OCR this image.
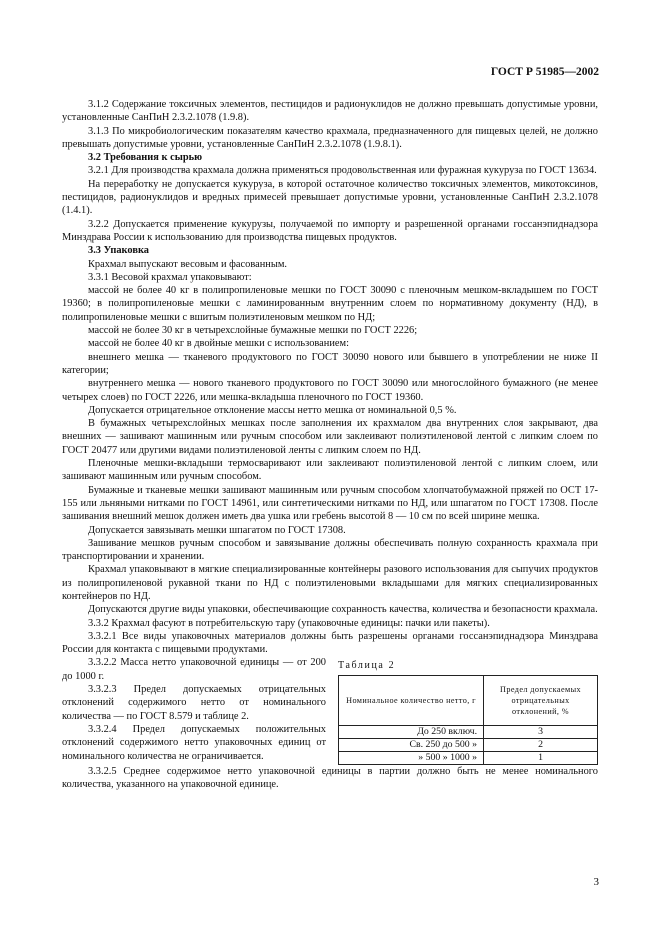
ГОСТ Р 51985—2002

3.1.2 Содержание токсичных элементов, пестицидов и радионуклидов не должно превышать допустимые уровни, установленные СанПиН 2.3.2.1078 (1.9.8).

3.1.3 По микробиологическим показателям качество крахмала, предназначенного для пищевых целей, не должно превышать допустимые уровни, установленные СанПиН 2.3.2.1078 (1.9.8.1).

3.2 Требования к сырью

3.2.1 Для производства крахмала должна применяться продовольственная или фуражная кукуруза по ГОСТ 13634.

На переработку не допускается кукуруза, в которой остаточное количество токсичных элементов, микотоксинов, пестицидов, радионуклидов и вредных примесей превышает допустимые уровни, установленные СанПиН 2.3.2.1078 (1.4.1).

3.2.2 Допускается применение кукурузы, получаемой по импорту и разрешенной органами госсанэпиднадзора Минздрава России к использованию для производства пищевых продуктов.

3.3 Упаковка

Крахмал выпускают весовым и фасованным.

3.3.1 Весовой крахмал упаковывают:

массой не более 40 кг в полипропиленовые мешки по ГОСТ 30090 с пленочным мешком-вкладышем по ГОСТ 19360; в полипропиленовые мешки с ламинированным внутренним слоем по нормативному документу (НД), в полипропиленовые мешки с вшитым полиэтиленовым мешком по НД;

массой не более 30 кг в четырехслойные бумажные мешки по ГОСТ 2226;

массой не более 40 кг в двойные мешки с использованием:

внешнего мешка — тканевого продуктового по ГОСТ 30090 нового или бывшего в употреблении не ниже II категории;

внутреннего мешка — нового тканевого продуктового по ГОСТ 30090 или многослойного бумажного (не менее четырех слоев) по ГОСТ 2226, или мешка-вкладыша пленочного по ГОСТ 19360.

Допускается отрицательное отклонение массы нетто мешка от номинальной 0,5 %.

В бумажных четырехслойных мешках после заполнения их крахмалом два внутренних слоя закрывают, два внешних — зашивают машинным или ручным способом или заклеивают полиэтиленовой лентой с липким слоем по ГОСТ 20477 или другими видами полиэтиленовой ленты с липким слоем по НД.

Пленочные мешки-вкладыши термосваривают или заклеивают полиэтиленовой лентой с липким слоем, или зашивают машинным или ручным способом.

Бумажные и тканевые мешки зашивают машинным или ручным способом хлопчатобумажной пряжей по ОСТ 17-155 или льняными нитками по ГОСТ 14961, или синтетическими нитками по НД, или шпагатом по ГОСТ 17308. После зашивания внешний мешок должен иметь два ушка или гребень высотой 8 — 10 см по всей ширине мешка.

Допускается завязывать мешки шпагатом по ГОСТ 17308.

Зашивание мешков ручным способом и завязывание должны обеспечивать полную сохранность крахмала при транспортировании и хранении.

Крахмал упаковывают в мягкие специализированные контейнеры разового использования для сыпучих продуктов из полипропиленовой рукавной ткани по НД с полиэтиленовыми вкладышами для мягких специализированных контейнеров по НД.

Допускаются другие виды упаковки, обеспечивающие сохранность качества, количества и безопасности крахмала.

3.3.2 Крахмал фасуют в потребительскую тару (упаковочные единицы: пачки или пакеты).

3.3.2.1 Все виды упаковочных материалов должны быть разрешены органами госсанэпиднадзора Минздрава России для контакта с пищевыми продуктами.

Таблица 2
Номинальное количество нетто, г	Предел допускаемых отрицательных отклонений, %
До 250 включ.	3
Св. 250 до 500 »	2
» 500 » 1000 »	1

3.3.2.2 Масса нетто упаковочной единицы — от 200 до 1000 г.

3.3.2.3 Предел допускаемых отрицательных отклонений содержимого нетто от номинального количества — по ГОСТ 8.579 и таблице 2.

3.3.2.4 Предел допускаемых положительных отклонений содержимого нетто упаковочных единиц от номинального количества не ограничивается.

3.3.2.5 Среднее содержимое нетто упаковочной единицы в партии должно быть не менее номинального количества, указанного на упаковочной единице.

3
